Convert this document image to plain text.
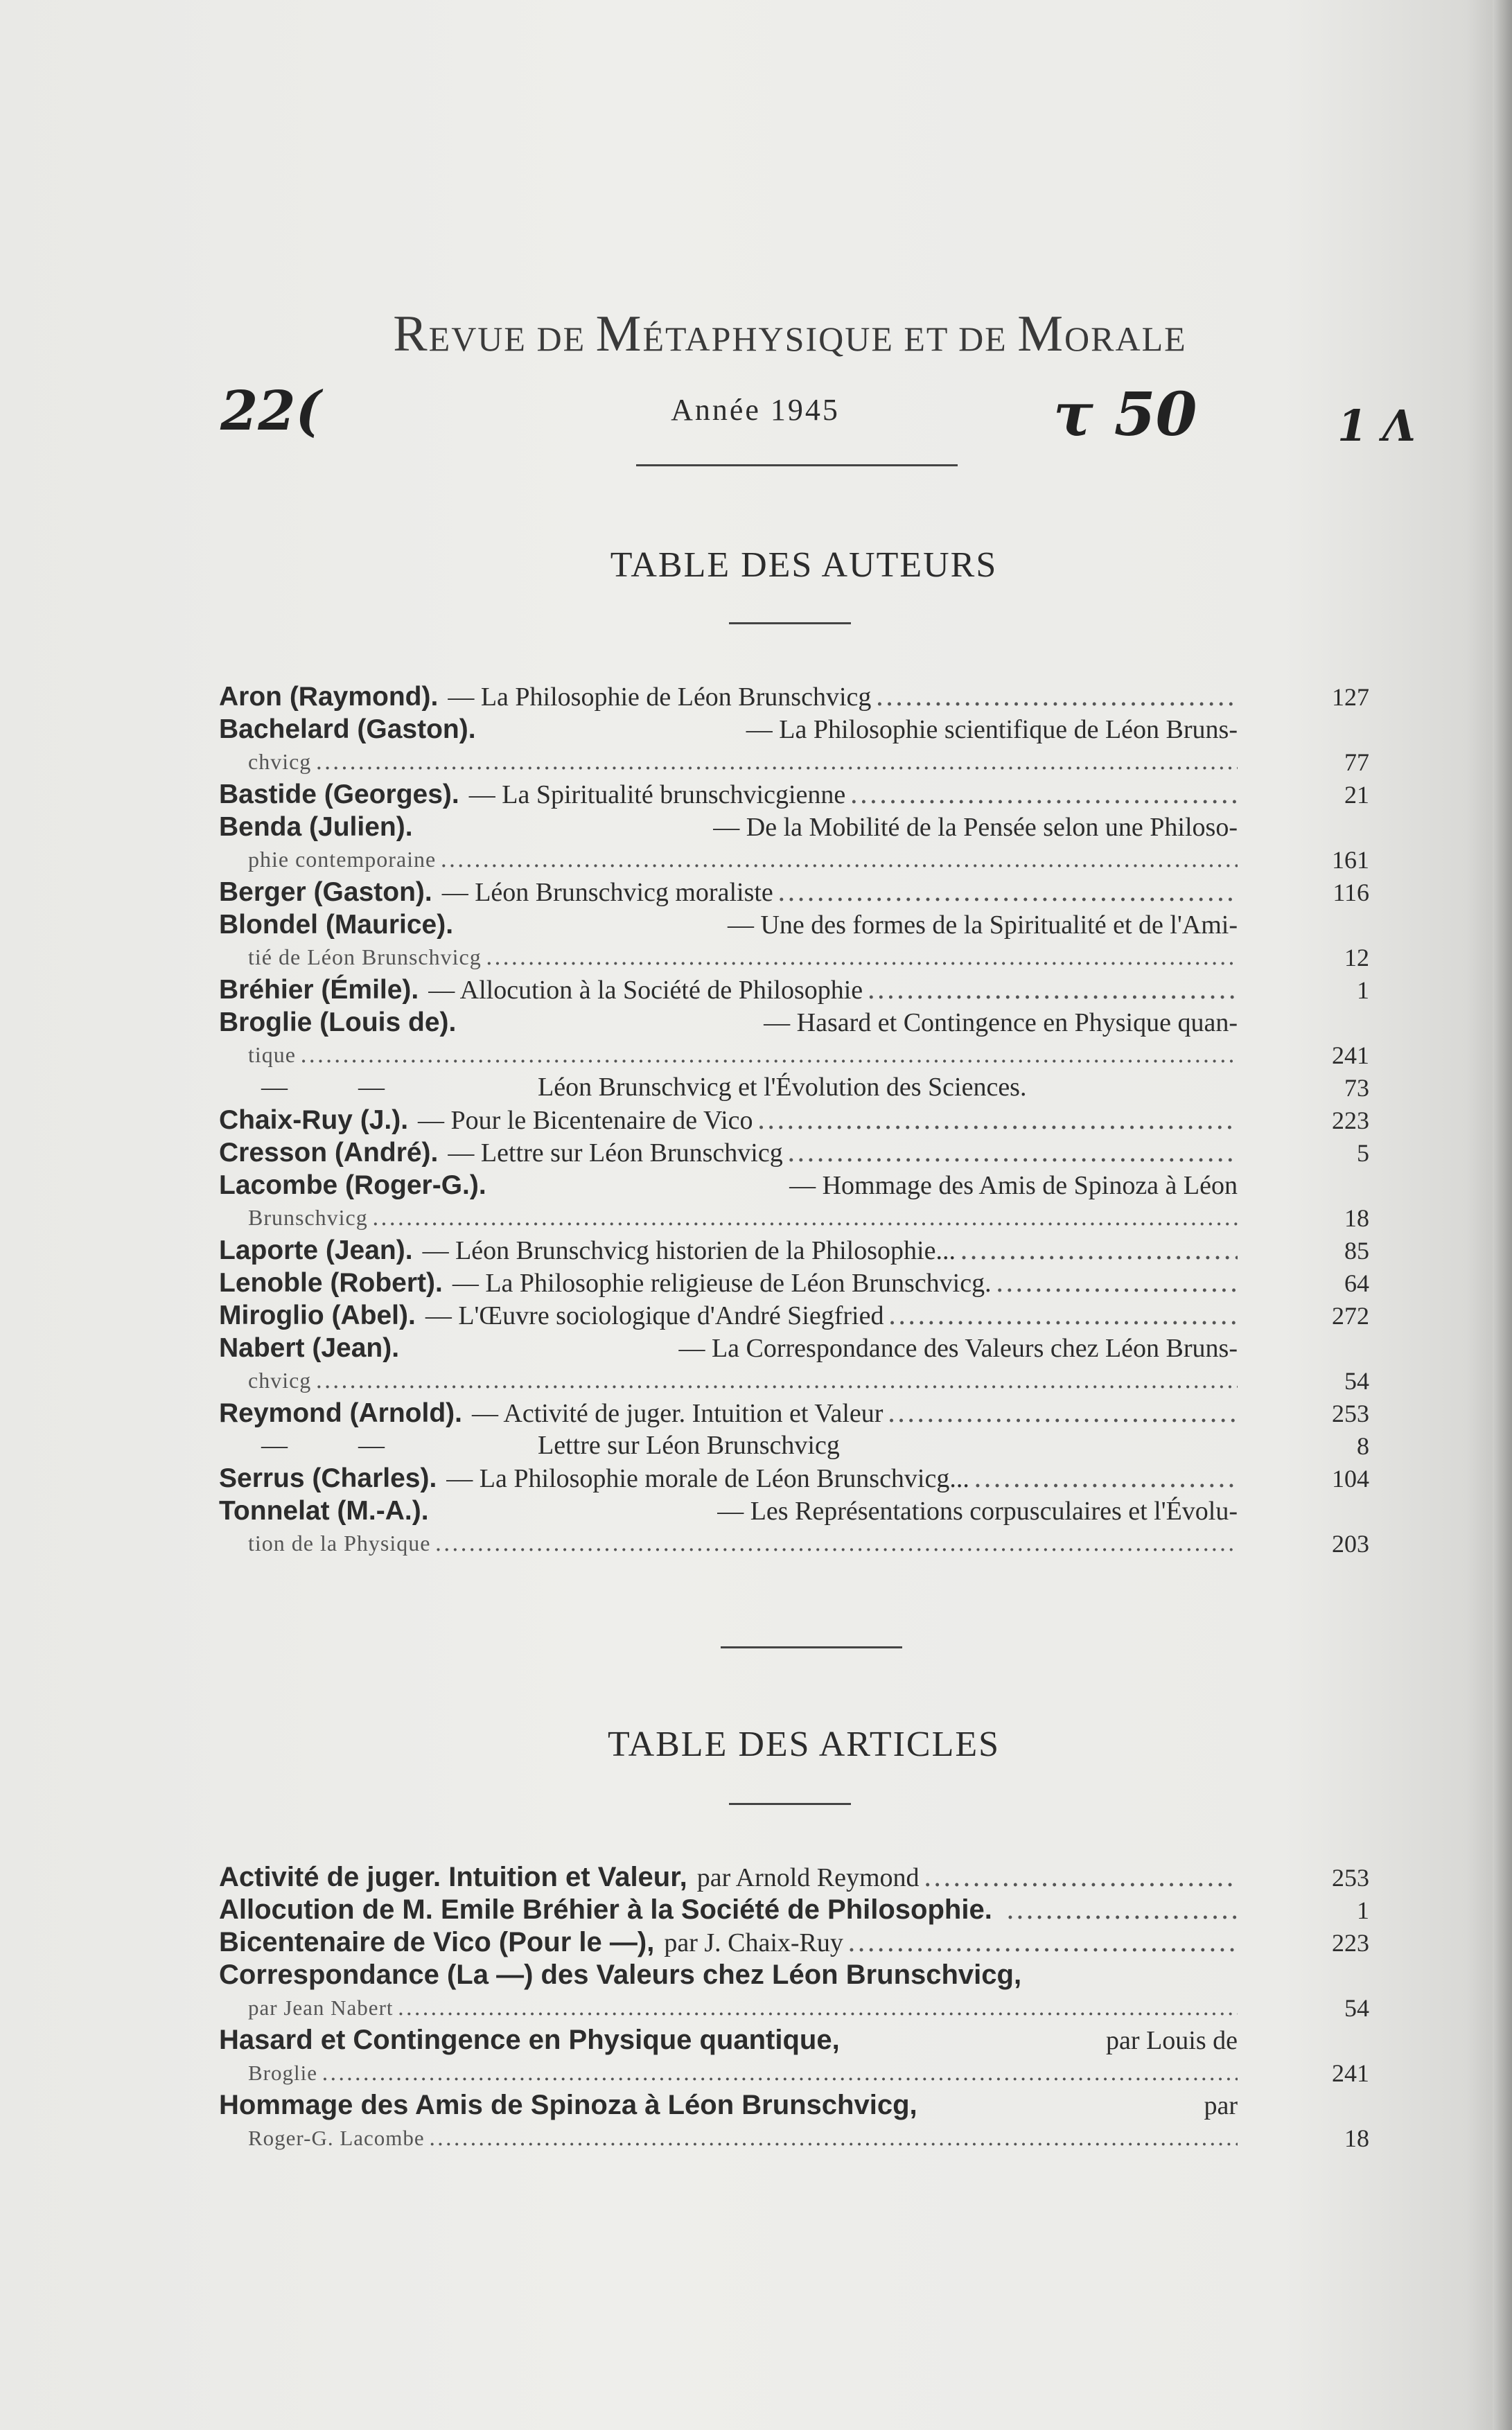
REVUE DE MÉTAPHYSIQUE ET DE MORALE
22(	Année 1945	τ 50	1 Λ
TABLE DES AUTEURS
Aron (Raymond). — La Philosophie de Léon Brunschvicg .....	127
Bachelard (Gaston).	— La Philosophie scientifique de Léon Bruns-
chvicg .....	77
Bastide (Georges). — La Spiritualité brunschvicgienne .....	21
Benda (Julien).	— De la Mobilité de la Pensée selon une Philoso-
phie contemporaine .....	161
Berger (Gaston). — Léon Brunschvicg moraliste .....	116
Blondel (Maurice).	— Une des formes de la Spiritualité et de l'Ami-
tié de Léon Brunschvicg .....	12
Bréhier (Émile). — Allocution à la Société de Philosophie .....	1
Broglie (Louis de).	— Hasard et Contingence en Physique quan-
tique .....	241
—	—	Léon Brunschvicg et l'Évolution des Sciences.	73
Chaix-Ruy (J.). — Pour le Bicentenaire de Vico .....	223
Cresson (André). — Lettre sur Léon Brunschvicg .....	5
Lacombe (Roger-G.).	— Hommage des Amis de Spinoza à Léon
Brunschvicg .....	18
Laporte (Jean). — Léon Brunschvicg historien de la Philosophie... .....	85
Lenoble (Robert). — La Philosophie religieuse de Léon Brunschvicg. .....	64
Miroglio (Abel). — L'Œuvre sociologique d'André Siegfried .....	272
Nabert (Jean).	— La Correspondance des Valeurs chez Léon Bruns-
chvicg .....	54
Reymond (Arnold). — Activité de juger. Intuition et Valeur .....	253
—	—	Lettre sur Léon Brunschvicg	8
Serrus (Charles). — La Philosophie morale de Léon Brunschvicg... .....	104
Tonnelat (M.-A.).	— Les Représentations corpusculaires et l'Évolu-
tion de la Physique .....	203
TABLE DES ARTICLES
Activité de juger. Intuition et Valeur, par Arnold Reymond .....	253
Allocution de M. Emile Bréhier à la Société de Philosophie. .....	1
Bicentenaire de Vico (Pour le —), par J. Chaix-Ruy .....	223
Correspondance (La —) des Valeurs chez Léon Brunschvicg,
par Jean Nabert .....	54
Hasard et Contingence en Physique quantique,	par Louis de
Broglie .....	241
Hommage des Amis de Spinoza à Léon Brunschvicg,	par
Roger-G. Lacombe .....	18
